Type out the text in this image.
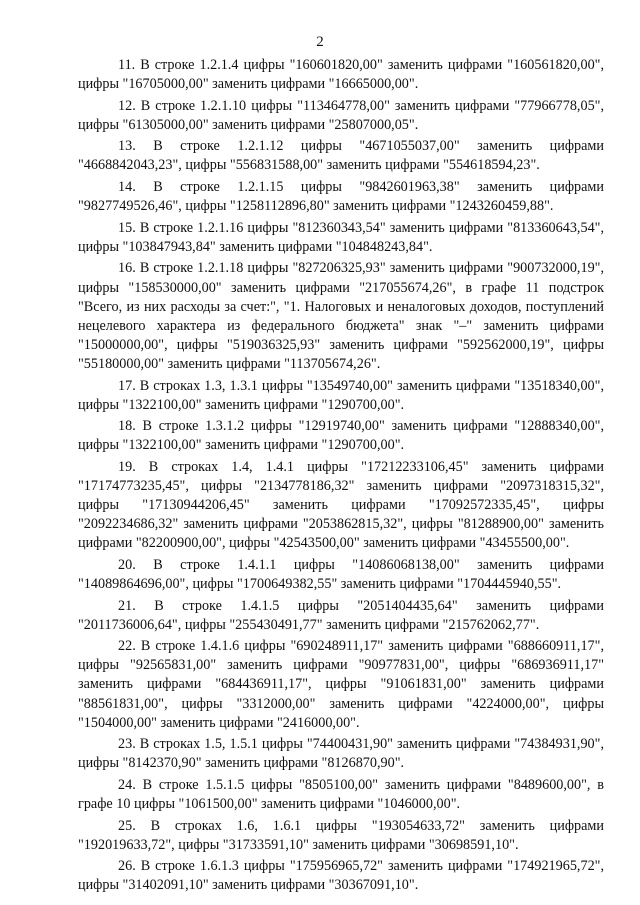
2

11. В строке 1.2.1.4 цифры "160601820,00" заменить цифрами "160561820,00", цифры "16705000,00" заменить цифрами "16665000,00".

12. В строке 1.2.1.10 цифры "113464778,00" заменить цифрами "77966778,05", цифры "61305000,00" заменить цифрами "25807000,05".

13. В строке 1.2.1.12 цифры "4671055037,00" заменить цифрами "4668842043,23", цифры "556831588,00" заменить цифрами "554618594,23".

14. В строке 1.2.1.15 цифры "9842601963,38" заменить цифрами "9827749526,46", цифры "1258112896,80" заменить цифрами "1243260459,88".

15. В строке 1.2.1.16 цифры "812360343,54" заменить цифрами "813360643,54", цифры "103847943,84" заменить цифрами "104848243,84".

16. В строке 1.2.1.18 цифры "827206325,93" заменить цифрами "900732000,19", цифры "158530000,00" заменить цифрами "217055674,26", в графе 11 подстрок "Всего, из них расходы за счет:", "1. Налоговых и неналоговых доходов, поступлений нецелевого характера из федерального бюджета" знак "–" заменить цифрами "15000000,00", цифры "519036325,93" заменить цифрами "592562000,19", цифры "55180000,00" заменить цифрами "113705674,26".

17. В строках 1.3, 1.3.1 цифры "13549740,00" заменить цифрами "13518340,00", цифры "1322100,00" заменить цифрами "1290700,00".

18. В строке 1.3.1.2 цифры "12919740,00" заменить цифрами "12888340,00", цифры "1322100,00" заменить цифрами "1290700,00".

19. В строках 1.4, 1.4.1 цифры "17212233106,45" заменить цифрами "17174773235,45", цифры "2134778186,32" заменить цифрами "2097318315,32", цифры "17130944206,45" заменить цифрами "17092572335,45", цифры "2092234686,32" заменить цифрами "2053862815,32", цифры "81288900,00" заменить цифрами "82200900,00", цифры "42543500,00" заменить цифрами "43455500,00".

20. В строке 1.4.1.1 цифры "14086068138,00" заменить цифрами "14089864696,00", цифры "1700649382,55" заменить цифрами "1704445940,55".

21. В строке 1.4.1.5 цифры "2051404435,64" заменить цифрами "2011736006,64", цифры "255430491,77" заменить цифрами "215762062,77".

22. В строке 1.4.1.6 цифры "690248911,17" заменить цифрами "688660911,17", цифры "92565831,00" заменить цифрами "90977831,00", цифры "686936911,17" заменить цифрами "684436911,17", цифры "91061831,00" заменить цифрами "88561831,00", цифры "3312000,00" заменить цифрами "4224000,00", цифры "1504000,00" заменить цифрами "2416000,00".

23. В строках 1.5, 1.5.1 цифры "74400431,90" заменить цифрами "74384931,90", цифры "8142370,90" заменить цифрами "8126870,90".

24. В строке 1.5.1.5 цифры "8505100,00" заменить цифрами "8489600,00", в графе 10 цифры "1061500,00" заменить цифрами "1046000,00".

25. В строках 1.6, 1.6.1 цифры "193054633,72" заменить цифрами "192019633,72", цифры "31733591,10" заменить цифрами "30698591,10".

26. В строке 1.6.1.3 цифры "175956965,72" заменить цифрами "174921965,72", цифры "31402091,10" заменить цифрами "30367091,10".
